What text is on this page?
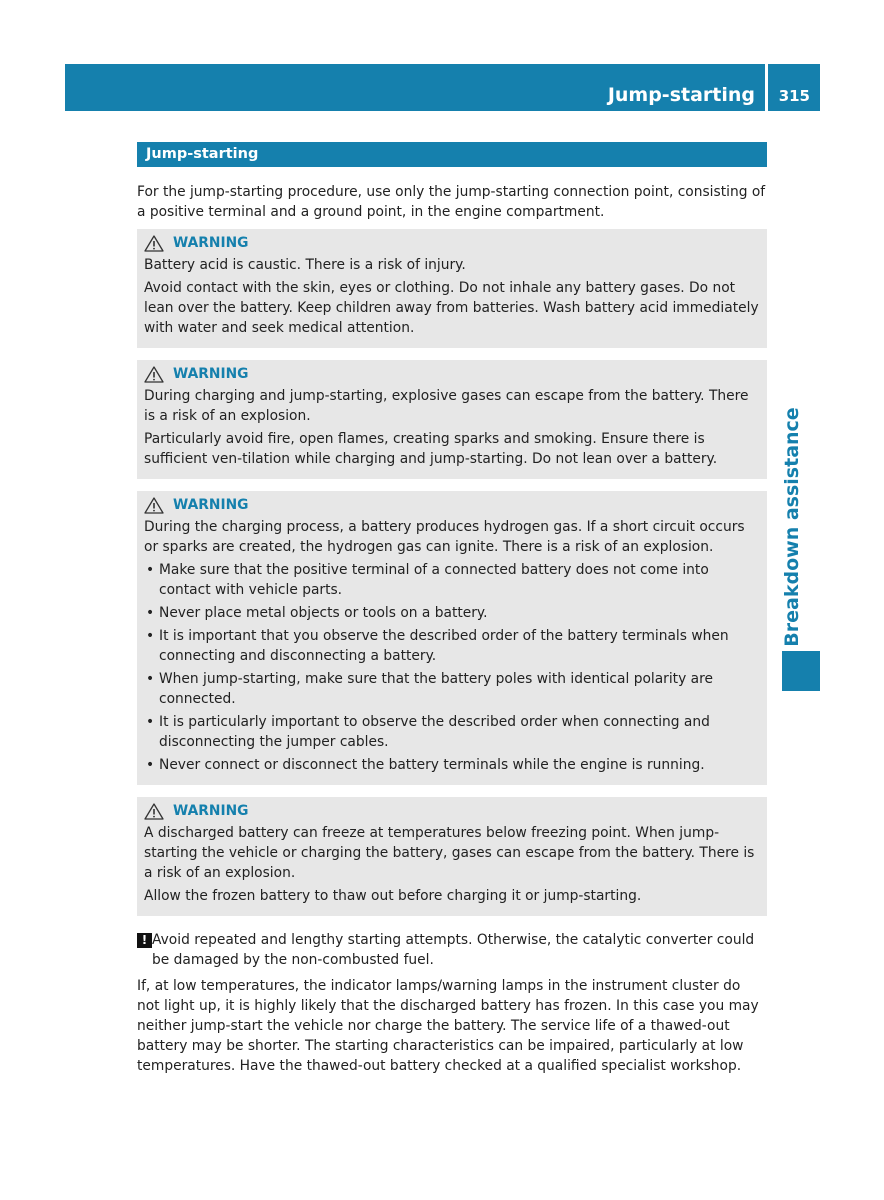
Jump-starting 315
Breakdown assistance
Jump-starting

For the jump-starting procedure, use only the jump-starting connection point, consisting of a positive terminal and a ground point, in the engine compartment.

WARNING

Battery acid is caustic. There is a risk of injury.

Avoid contact with the skin, eyes or clothing. Do not inhale any battery gases. Do not lean over the battery. Keep children away from batteries. Wash battery acid immediately with water and seek medical attention.

WARNING

During charging and jump-starting, explosive gases can escape from the battery. There is a risk of an explosion.

Particularly avoid fire, open flames, creating sparks and smoking. Ensure there is sufficient ven-tilation while charging and jump-starting. Do not lean over a battery.

WARNING

During the charging process, a battery produces hydrogen gas. If a short circuit occurs or sparks are created, the hydrogen gas can ignite. There is a risk of an explosion.

• Make sure that the positive terminal of a connected battery does not come into contact with vehicle parts.
• Never place metal objects or tools on a battery.
• It is important that you observe the described order of the battery terminals when connecting and disconnecting a battery.
• When jump-starting, make sure that the battery poles with identical polarity are connected.
• It is particularly important to observe the described order when connecting and disconnecting the jumper cables.
• Never connect or disconnect the battery terminals while the engine is running.
WARNING

A discharged battery can freeze at temperatures below freezing point. When jump-starting the vehicle or charging the battery, gases can escape from the battery. There is a risk of an explosion.

Allow the frozen battery to thaw out before charging it or jump-starting.

! Avoid repeated and lengthy starting attempts. Otherwise, the catalytic converter could be damaged by the non-combusted fuel.

If, at low temperatures, the indicator lamps/warning lamps in the instrument cluster do not light up, it is highly likely that the discharged battery has frozen. In this case you may neither jump-start the vehicle nor charge the battery. The service life of a thawed-out battery may be shorter. The starting characteristics can be impaired, particularly at low temperatures. Have the thawed-out battery checked at a qualified specialist workshop.
